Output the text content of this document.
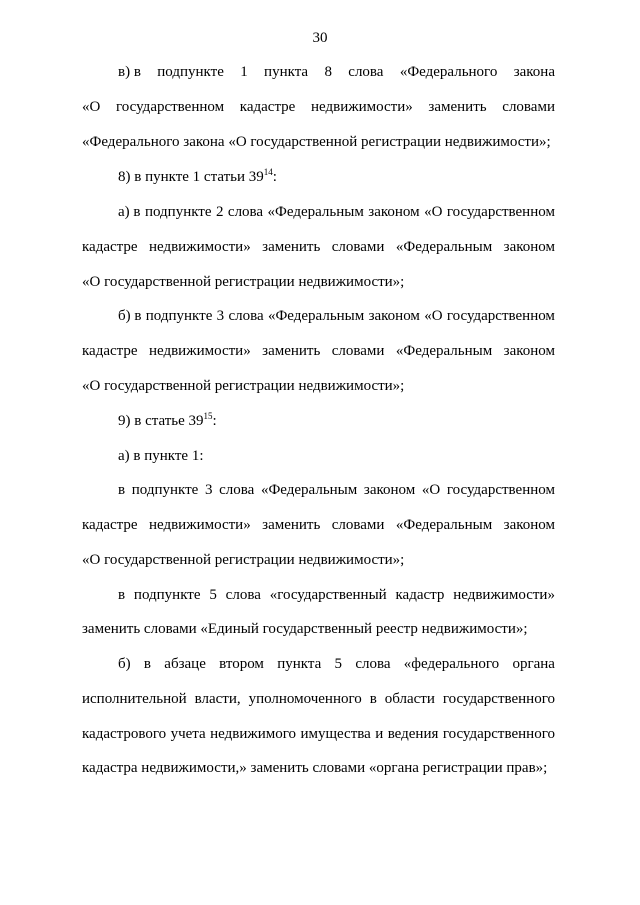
30
в) в подпункте 1 пункта 8 слова «Федерального закона
«О государственном кадастре недвижимости» заменить словами
«Федерального закона «О государственной регистрации недвижимости»;
8) в пункте 1 статьи $39^{14}$:
а) в подпункте 2 слова «Федеральным законом «О государственном
кадастре недвижимости» заменить словами «Федеральным законом
«О государственной регистрации недвижимости»;
б) в подпункте 3 слова «Федеральным законом «О государственном
кадастре недвижимости» заменить словами «Федеральным законом
«О государственной регистрации недвижимости»;
9) в статье $39^{15}$:
а) в пункте 1:
в подпункте 3 слова «Федеральным законом «О государственном
кадастре недвижимости» заменить словами «Федеральным законом
«О государственной регистрации недвижимости»;
в подпункте 5 слова «государственный кадастр недвижимости»
заменить словами «Единый государственный реестр недвижимости»;
б) в абзаце втором пункта 5 слова «федерального органа
исполнительной власти, уполномоченного в области государственного
кадастрового учета недвижимого имущества и ведения государственного
кадастра недвижимости,» заменить словами «органа регистрации прав»;
